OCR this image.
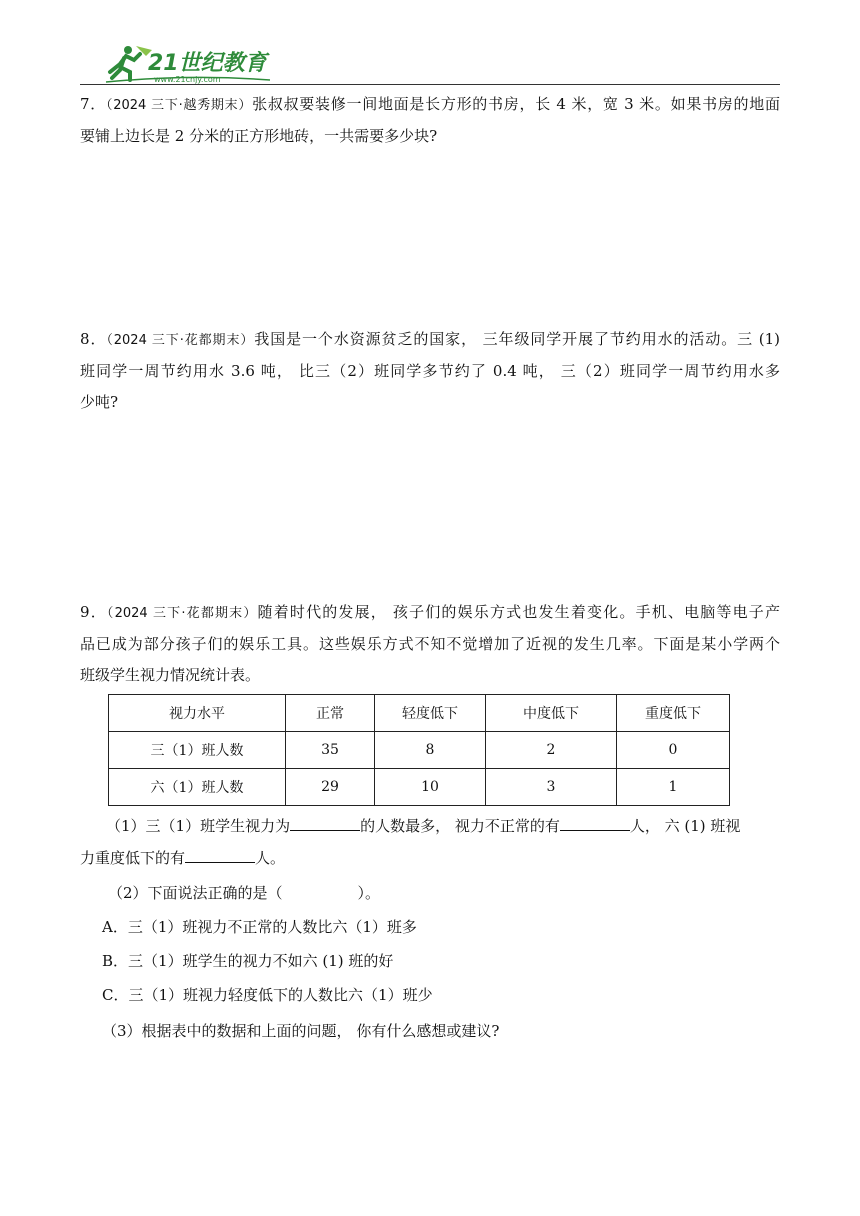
21世纪教育
www.21cnjy.com

7．（2024 三下·越秀期末）张叔叔要装修一间地面是长方形的书房，长 4 米，宽 3 米。如果书房的地面

要铺上边长是 2 分米的正方形地砖，一共需要多少块?

8．（2024 三下·花都期末）我国是一个水资源贫乏的国家， 三年级同学开展了节约用水的活动。三 (1)

班同学一周节约用水 3.6 吨， 比三（2）班同学多节约了 0.4 吨， 三（2）班同学一周节约用水多

少吨?

9．（2024 三下·花都期末）随着时代的发展， 孩子们的娱乐方式也发生着变化。手机、电脑等电子产

品已成为部分孩子们的娱乐工具。这些娱乐方式不知不觉增加了近视的发生几率。下面是某小学两个

班级学生视力情况统计表。

视力水平	正常	轻度低下	中度低下	重度低下
三（1）班人数	35	8	2	0
六（1）班人数	29	10	3	1
（1）三（1）班学生视力为	的人数最多， 视力不正常的有	人， 六 (1) 班视
力重度低下的有	人。
（2）下面说法正确的是（　　　　　）。
A．三（1）班视力不正常的人数比六（1）班多
B．三（1）班学生的视力不如六 (1) 班的好
C．三（1）班视力轻度低下的人数比六（1）班少
（3）根据表中的数据和上面的问题， 你有什么感想或建议?
